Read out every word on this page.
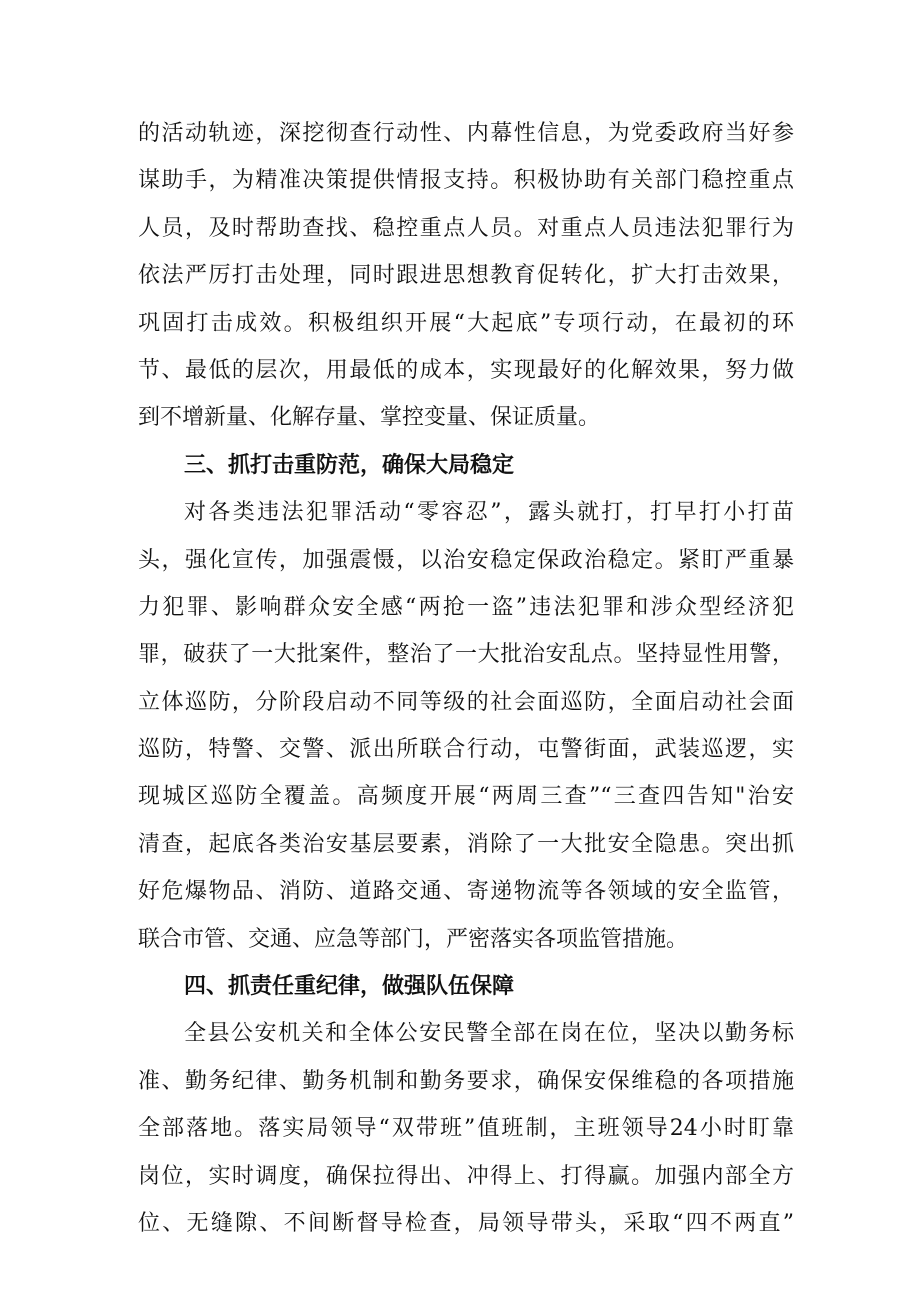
的活动轨迹，深挖彻查行动性、内幕性信息，为党委政府当好参
谋助手，为精准决策提供情报支持。积极协助有关部门稳控重点
人员，及时帮助查找、稳控重点人员。对重点人员违法犯罪行为
依法严厉打击处理，同时跟进思想教育促转化，扩大打击效果，
巩固打击成效。积极组织开展“大起底”专项行动，在最初的环
节、最低的层次，用最低的成本，实现最好的化解效果，努力做
到不增新量、化解存量、掌控变量、保证质量。
三、抓打击重防范，确保大局稳定
对各类违法犯罪活动“零容忍”，露头就打，打早打小打苗
头，强化宣传，加强震慑，以治安稳定保政治稳定。紧盯严重暴
力犯罪、影响群众安全感“两抢一盗”违法犯罪和涉众型经济犯
罪，破获了一大批案件，整治了一大批治安乱点。坚持显性用警，
立体巡防，分阶段启动不同等级的社会面巡防，全面启动社会面
巡防，特警、交警、派出所联合行动，屯警街面，武装巡逻，实
现城区巡防全覆盖。高频度开展“两周三查”“三查四告知"治安
清查，起底各类治安基层要素，消除了一大批安全隐患。突出抓
好危爆物品、消防、道路交通、寄递物流等各领域的安全监管，
联合市管、交通、应急等部门，严密落实各项监管措施。
四、抓责任重纪律，做强队伍保障
全县公安机关和全体公安民警全部在岗在位，坚决以勤务标
准、勤务纪律、勤务机制和勤务要求，确保安保维稳的各项措施
全部落地。落实局领导“双带班”值班制，主班领导24小时盯靠
岗位，实时调度，确保拉得出、冲得上、打得赢。加强内部全方
位、无缝隙、不间断督导检查，局领导带头，采取“四不两直”
